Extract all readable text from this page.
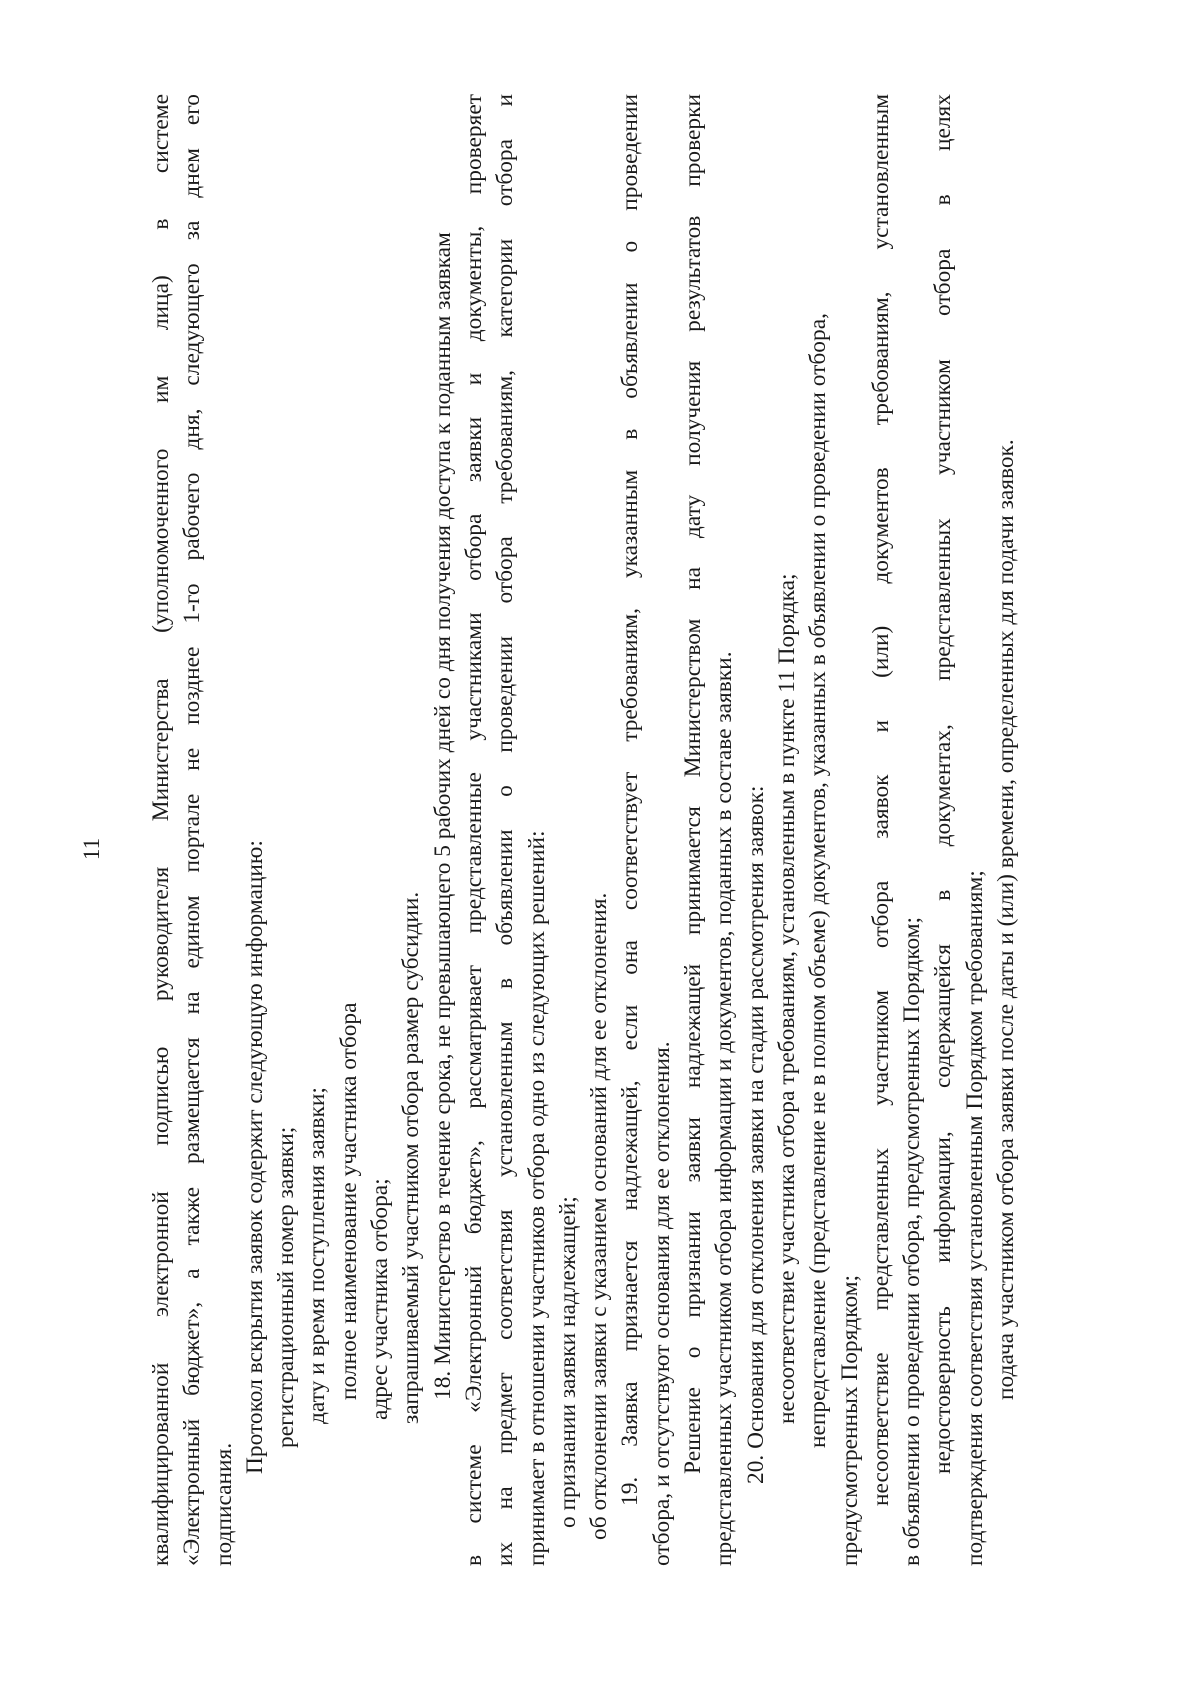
11 квалифицированной электронной подписью руководителя Министерства (уполномоченного им лица) в системе «Электронный бюджет», а также размещается на едином портале не позднее 1-го рабочего дня, следующего за днем его подписания.
Протокол вскрытия заявок содержит следующую информацию: регистрационный номер заявки; дату и время поступления заявки; полное наименование участника отбора адрес участника отбора; запрашиваемый участником отбора размер субсидии. 18. Министерство в течение срока, не превышающего 5 рабочих дней со дня получения доступа к поданным заявкам в системе «Электронный бюджет», рассматривает представленные участниками отбора заявки и документы, проверяет их на предмет соответствия установленным в объявлении о проведении отбора требованиям, категории отбора и принимает в отношении участников отбора одно из следующих решений: о признании заявки надлежащей; об отклонении заявки с указанием оснований для ее отклонения. 19. Заявка признается надлежащей, если она соответствует требованиям, указанным в объявлении о проведении отбора, и отсутствуют основания для ее отклонения. Решение о признании заявки надлежащей принимается Министерством на дату получения результатов проверки представленных участником отбора информации и документов, поданных в составе заявки. 20. Основания для отклонения заявки на стадии рассмотрения заявок: несоответствие участника отбора требованиям, установленным в пункте 11 Порядка; непредставление (представление не в полном объеме) документов, указанных в объявлении о проведении отбора, предусмотренных Порядком; несоответствие представленных участником отбора заявок и (или) документов требованиям, установленным в объявлении о проведении отбора, предусмотренных Порядком; недостоверность информации, содержащейся в документах, представленных участником отбора в целях подтверждения соответствия установленным Порядком требованиям; подача участником отбора заявки после даты и (или) времени, определенных для подачи заявок.
